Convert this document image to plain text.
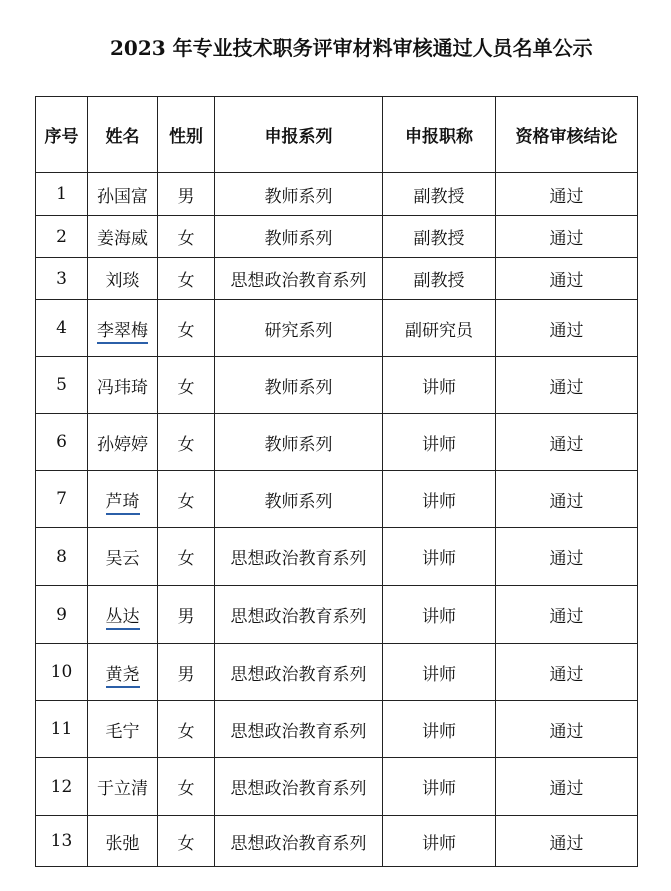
2023 年专业技术职务评审材料审核通过人员名单公示
序号	姓名	性别	申报系列	申报职称	资格审核结论
1	孙国富	男	教师系列	副教授	通过
2	姜海威	女	教师系列	副教授	通过
3	刘琰	女	思想政治教育系列	副教授	通过
4	李翠梅	女	研究系列	副研究员	通过
5	冯玮琦	女	教师系列	讲师	通过
6	孙婷婷	女	教师系列	讲师	通过
7	芦琦	女	教师系列	讲师	通过
8	吴云	女	思想政治教育系列	讲师	通过
9	丛达	男	思想政治教育系列	讲师	通过
10	黄尧	男	思想政治教育系列	讲师	通过
11	毛宁	女	思想政治教育系列	讲师	通过
12	于立清	女	思想政治教育系列	讲师	通过
13	张弛	女	思想政治教育系列	讲师	通过
